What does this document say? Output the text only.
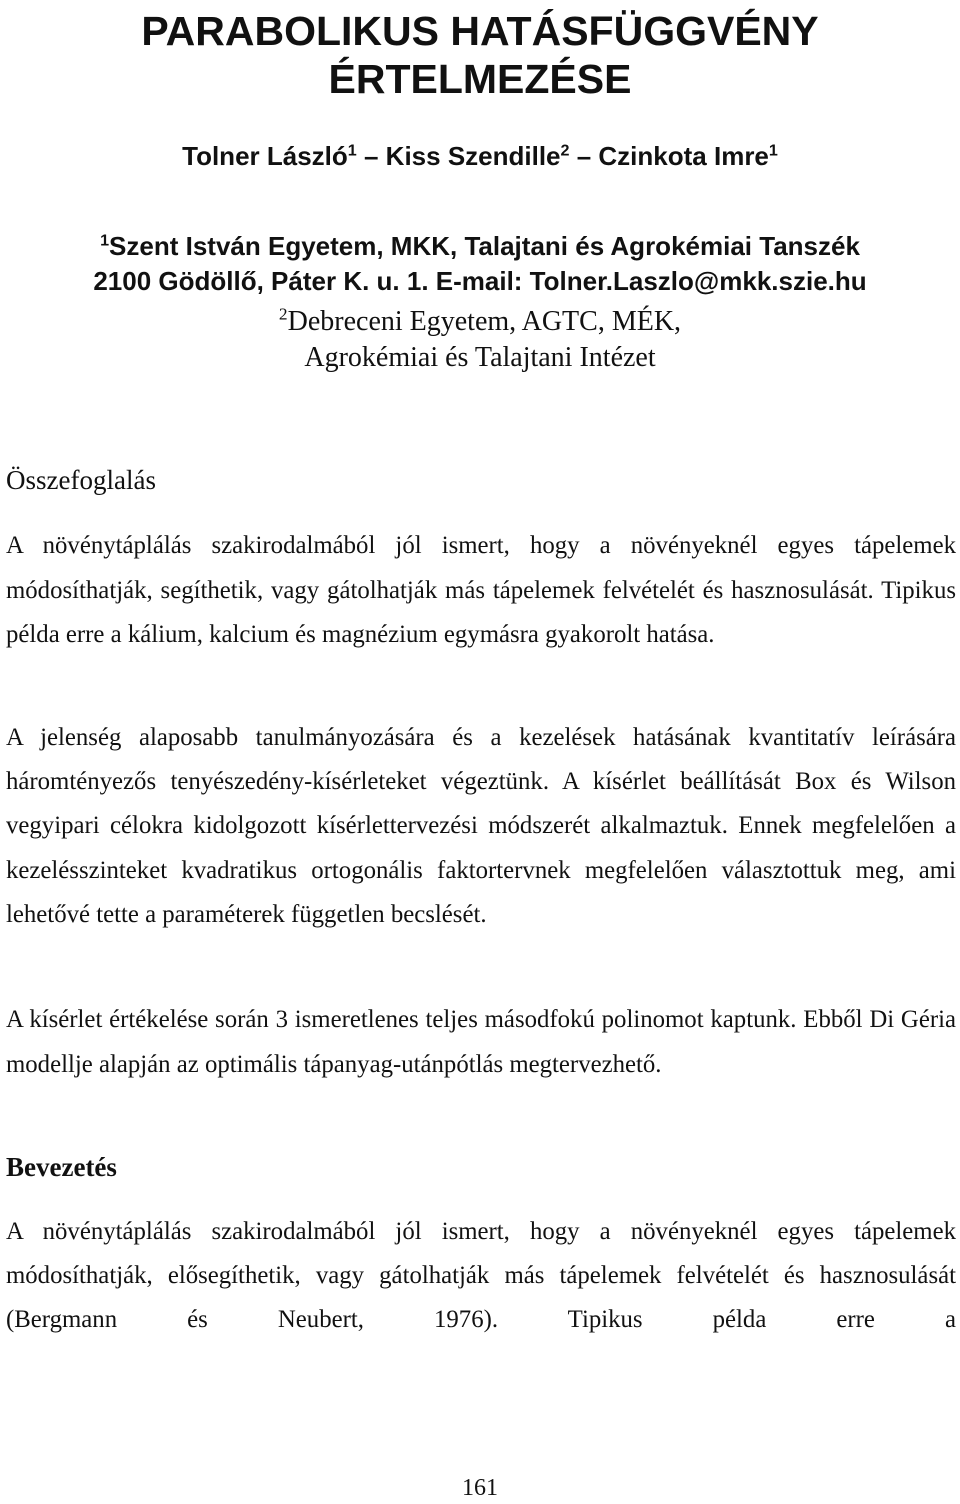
PARABOLIKUS HATÁSFÜGGVÉNY
ÉRTELMEZÉSE
Tolner László$^1$ – Kiss Szendille$^2$ – Czinkota Imre$^1$
$^1$Szent István Egyetem, MKK, Talajtani és Agrokémiai Tanszék
2100 Gödöllő, Páter K. u. 1. E-mail: Tolner.Laszlo@mkk.szie.hu
$^2$Debreceni Egyetem, AGTC, MÉK,
Agrokémiai és Talajtani Intézet
Összefoglalás

A növénytáplálás szakirodalmából jól ismert, hogy a növényeknél egyes tápelemek módosíthatják, segíthetik, vagy gátolhatják más tápelemek felvételét és hasznosulását. Tipikus példa erre a kálium, kalcium és magnézium egymásra gyakorolt hatása.

A jelenség alaposabb tanulmányozására és a kezelések hatásának kvantitatív leírására háromtényezős tenyészedény-kísérleteket végeztünk. A kísérlet beállítását Box és Wilson vegyipari célokra kidolgozott kísérlettervezési módszerét alkalmaztuk. Ennek megfelelően a kezelésszinteket kvadratikus ortogonális faktortervnek megfelelően választottuk meg, ami lehetővé tette a paraméterek független becslését.

A kísérlet értékelése során 3 ismeretlenes teljes másodfokú polinomot kaptunk. Ebből Di Géria modellje alapján az optimális tápanyag-utánpótlás megtervezhető.

Bevezetés

A növénytáplálás szakirodalmából jól ismert, hogy a növényeknél egyes tápelemek módosíthatják, elősegíthetik, vagy gátolhatják más tápelemek felvételét és hasznosulását (Bergmann és Neubert, 1976). Tipikus példa erre a

161
